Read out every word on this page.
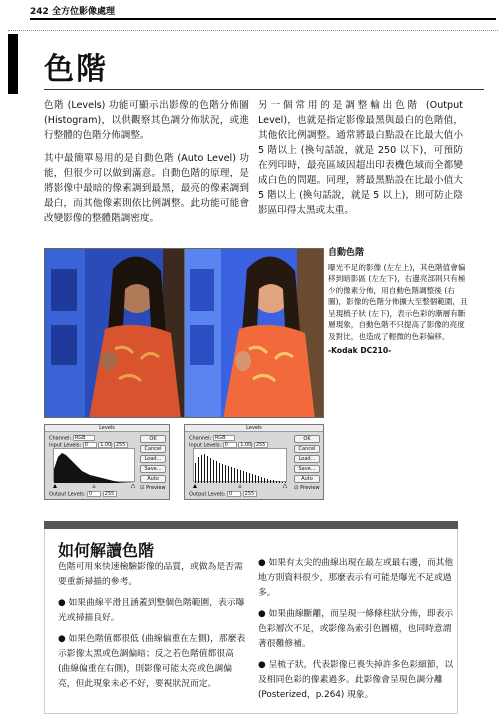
242 全方位影像處理
色階

色階 (Levels) 功能可顯示出影像的色階分佈圖 (Histogram)，以供觀察其色調分佈狀況，或進行整體的色階分佈調整。

其中最簡單易用的是自動色階 (Auto Level) 功能，但很少可以做到滿意。自動色階的原理，是將影像中最暗的像素調到最黑，最亮的像素調到最白，而其他像素則依比例調整。此功能可能會改變影像的整體階調密度。

另一個常用的是調整輸出色階 (Output Level)，也就是指定影像最黑與最白的色階值，其他依比例調整。通常將最白點設在比最大值小 5 階以上 (換句話說，就是 250 以下)，可預防在列印時，最亮區域因超出印表機色域而全都變成白色的問題。同理，將最黑點設在比最小值大 5 階以上 (換句話說，就是 5 以上)，則可防止陰影區印得太黑或太重。

自動色階
曝光不足的影像 (左左上)，其色階值會偏移到暗影區 (左左下)，右邊亮部則只有極少的像素分佈，用自動色階調整後 (右圖)，影像的色階分佈擴大至整個範圍，且呈現梳子狀 (左下)，表示色彩的漸層有斷層現象，自動色階不只提高了影像的亮度及對比，也造成了輕微的色彩偏移。
-Kodak DC210-
Levels
Channel: RGB
Input Levels: 0 1.00 255
Output Levels: 0 255
OK
Cancel
Load...
Save...
Auto
☑ Preview
Levels
Channel: RGB
Input Levels: 0 1.00 255
Output Levels: 0 255
OK
Cancel
Load...
Save...
Auto
☑ Preview
如何解讀色階

色階可用來快速檢驗影像的品質，或做為是否需要重新掃描的參考。

● 如果曲線平滑且涵蓋到整個色階範圍，表示曝光或掃描良好。

● 如果色階值都很低 (曲線偏重在左側)，那麼表示影像太黑或色調偏暗；反之若色階值都很高 (曲線偏重在右側)，則影像可能太亮或色調偏亮，但此現象未必不好，要視狀況而定。

● 如果有太尖的曲線出現在最左或最右邊，而其他地方則資料很少，那麼表示有可能是曝光不足或過多。

● 如果曲線斷離，而呈現一條條柱狀分佈，即表示色彩層次不足，或影像為索引色圖檔，也同時意謂著很難修補。

● 呈梳子狀，代表影像已喪失掉許多色彩細節，以及相同色彩的像素過多。此影像會呈現色調分離 (Posterized，p.264) 現象。
